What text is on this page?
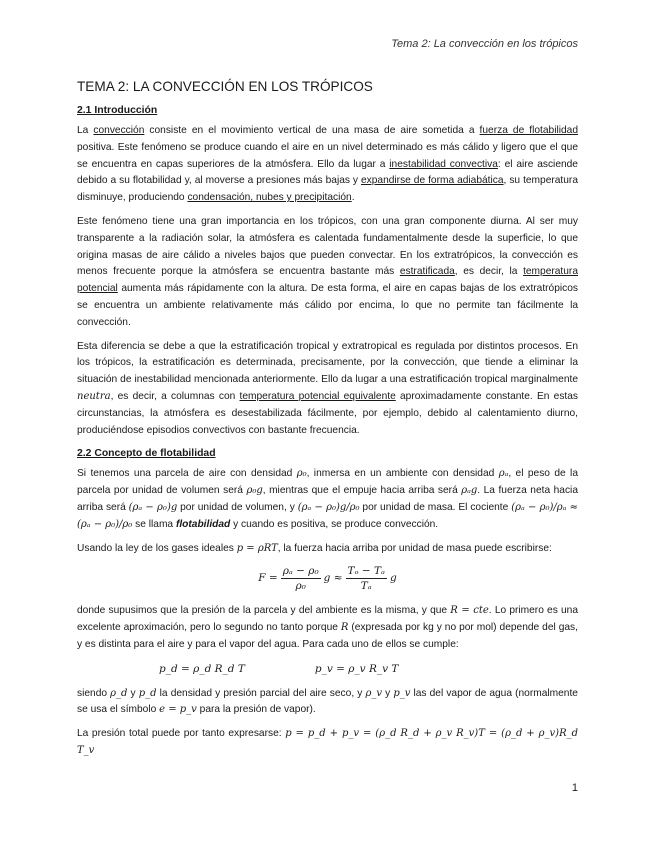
Tema 2: La convección en los trópicos
TEMA 2: LA CONVECCIÓN EN LOS TRÓPICOS
2.1 Introducción

La convección consiste en el movimiento vertical de una masa de aire sometida a fuerza de flotabilidad positiva. Este fenómeno se produce cuando el aire en un nivel determinado es más cálido y ligero que el que se encuentra en capas superiores de la atmósfera. Ello da lugar a inestabilidad convectiva: el aire asciende debido a su flotabilidad y, al moverse a presiones más bajas y expandirse de forma adiabática, su temperatura disminuye, produciendo condensación, nubes y precipitación.

Este fenómeno tiene una gran importancia en los trópicos, con una gran componente diurna. Al ser muy transparente a la radiación solar, la atmósfera es calentada fundamentalmente desde la superficie, lo que origina masas de aire cálido a niveles bajos que pueden convectar. En los extratrópicos, la convección es menos frecuente porque la atmósfera se encuentra bastante más estratificada, es decir, la temperatura potencial aumenta más rápidamente con la altura. De esta forma, el aire en capas bajas de los extratrópicos se encuentra un ambiente relativamente más cálido por encima, lo que no permite tan fácilmente la convección.

Esta diferencia se debe a que la estratificación tropical y extratropical es regulada por distintos procesos. En los trópicos, la estratificación es determinada, precisamente, por la convección, que tiende a eliminar la situación de inestabilidad mencionada anteriormente. Ello da lugar a una estratificación tropical marginalmente neutra, es decir, a columnas con temperatura potencial equivalente aproximadamente constante. En estas circunstancias, la atmósfera es desestabilizada fácilmente, por ejemplo, debido al calentamiento diurno, produciéndose episodios convectivos con bastante frecuencia.

2.2 Concepto de flotabilidad

Si tenemos una parcela de aire con densidad ρ₀, inmersa en un ambiente con densidad ρₐ, el peso de la parcela por unidad de volumen será ρ₀g, mientras que el empuje hacia arriba será ρₐg. La fuerza neta hacia arriba será (ρₐ − ρ₀)g por unidad de volumen, y (ρₐ − ρ₀)g/ρ₀ por unidad de masa. El cociente (ρₐ − ρ₀)/ρₐ ≈ (ρₐ − ρ₀)/ρ₀ se llama flotabilidad y cuando es positiva, se produce convección.

Usando la ley de los gases ideales p = ρRT, la fuerza hacia arriba por unidad de masa puede escribirse:

$F = \frac{\text{ρₐ − ρ₀}}{\text{ρ₀}}$ $g \approx \frac{\text{Tₒ − Tₐ}}{\text{Tₐ}}$ g

donde supusimos que la presión de la parcela y del ambiente es la misma, y que R = cte. Lo primero es una excelente aproximación, pero lo segundo no tanto porque R (expresada por kg y no por mol) depende del gas, y es distinta para el aire y para el vapor del agua. Para cada uno de ellos se cumple:

p_d = ρ_d R_d T	p_v = ρ_v R_v T

siendo ρ_d y p_d la densidad y presión parcial del aire seco, y ρ_v y p_v las del vapor de agua (normalmente se usa el símbolo e = p_v para la presión de vapor).

La presión total puede por tanto expresarse: p = p_d + p_v = (ρ_d R_d + ρ_v R_v)T = (ρ_d + ρ_v)R_d T_v

1
